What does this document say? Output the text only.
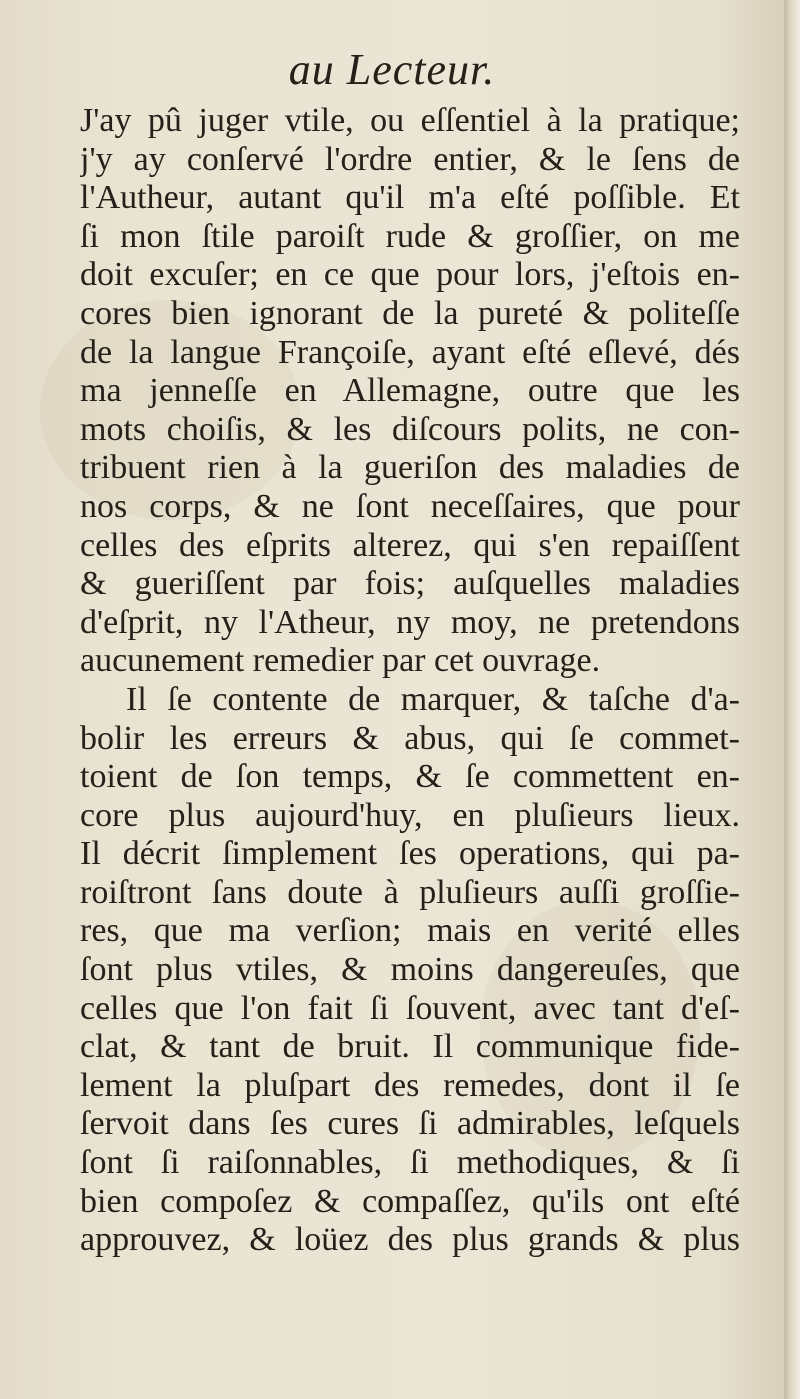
au Lecteur.
J'ay pû juger vtile, ou eſſentiel à la pratique;
j'y ay conſervé l'ordre entier, & le ſens de
l'Autheur, autant qu'il m'a eſté poſſible. Et
ſi mon ſtile paroiſt rude & groſſier, on me
doit excuſer; en ce que pour lors, j'eſtois en-
cores bien ignorant de la pureté & politeſſe
de la langue Françoiſe, ayant eſté eſlevé, dés
ma jenneſſe en Allemagne, outre que les
mots choiſis, & les diſcours polits, ne con-
tribuent rien à la gueriſon des maladies de
nos corps, & ne ſont neceſſaires, que pour
celles des eſprits alterez, qui s'en repaiſſent
& gueriſſent par fois; auſquelles maladies
d'eſprit, ny l'Atheur, ny moy, ne pretendons
aucunement remedier par cet ouvrage.
Il ſe contente de marquer, & taſche d'a-
bolir les erreurs & abus, qui ſe commet-
toient de ſon temps, & ſe commettent en-
core plus aujourd'huy, en pluſieurs lieux.
Il décrit ſimplement ſes operations, qui pa-
roiſtront ſans doute à pluſieurs auſſi groſſie-
res, que ma verſion; mais en verité elles
ſont plus vtiles, & moins dangereuſes, que
celles que l'on fait ſi ſouvent, avec tant d'eſ-
clat, & tant de bruit. Il communique fide-
lement la pluſpart des remedes, dont il ſe
ſervoit dans ſes cures ſi admirables, leſquels
ſont ſi raiſonnables, ſi methodiques, & ſi
bien compoſez & compaſſez, qu'ils ont eſté
approuvez, & loüez des plus grands & plus
